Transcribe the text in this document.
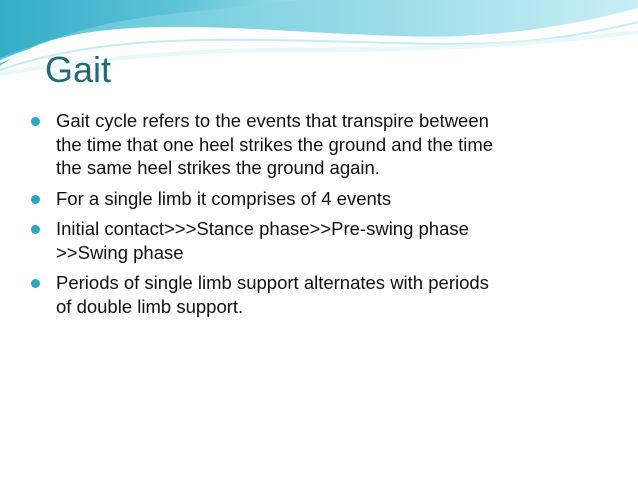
Gait
Gait cycle refers to the events that transpire between
the time that one heel strikes the ground and the time
the same heel strikes the ground again.
For a single limb it comprises of 4 events
Initial contact>>>Stance phase>>Pre-swing phase
>>Swing phase
Periods of single limb support alternates with periods
of double limb support.
